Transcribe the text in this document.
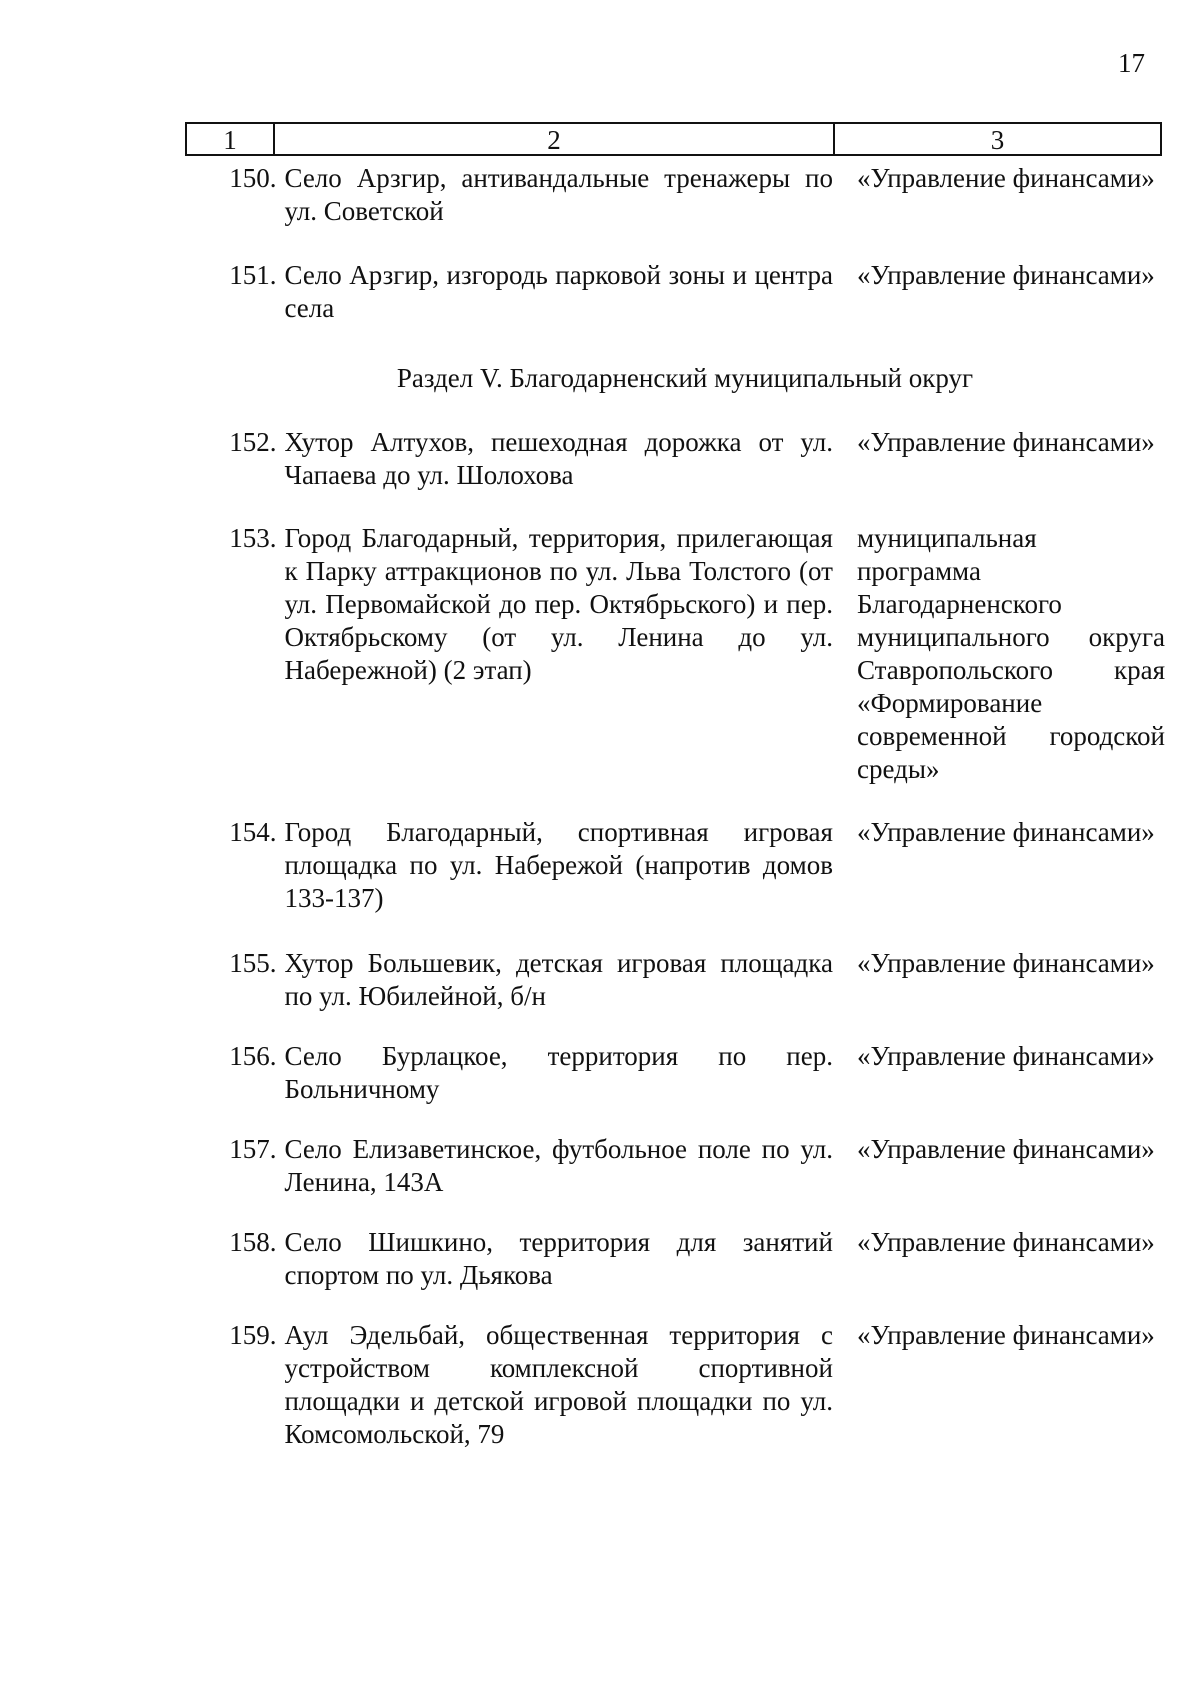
17
1	2	3
150. Село Арзгир, антивандальные тренажеры по ул. Советской
«Управление финансами»
151. Село Арзгир, изгородь парковой зоны и центра села
«Управление финансами»
Раздел V. Благодарненский муниципальный округ
152. Хутор Алтухов, пешеходная дорожка от ул. Чапаева до ул. Шолохова
«Управление финансами»
153. Город Благодарный, территория, прилегающая к Парку аттракционов по ул. Льва Толстого (от ул. Первомайской до пер. Октябрьского) и пер. Октябрьскому (от ул. Ленина до ул. Набережной) (2 этап)
муниципальная программа Благодарненского муниципального округа Ставропольского края «Формирование современной городской среды»
154. Город Благодарный, спортивная игровая площадка по ул. Набережой (напротив домов 133-137)
«Управление финансами»
155. Хутор Большевик, детская игровая площадка по ул. Юбилейной, б/н
«Управление финансами»
156. Село Бурлацкое, территория по пер. Больничному
«Управление финансами»
157. Село Елизаветинское, футбольное поле по ул. Ленина, 143А
«Управление финансами»
158. Село Шишкино, территория для занятий спортом по ул. Дьякова
«Управление финансами»
159. Аул Эдельбай, общественная территория с устройством комплексной спортивной площадки и детской игровой площадки по ул. Комсомольской, 79
«Управление финансами»
